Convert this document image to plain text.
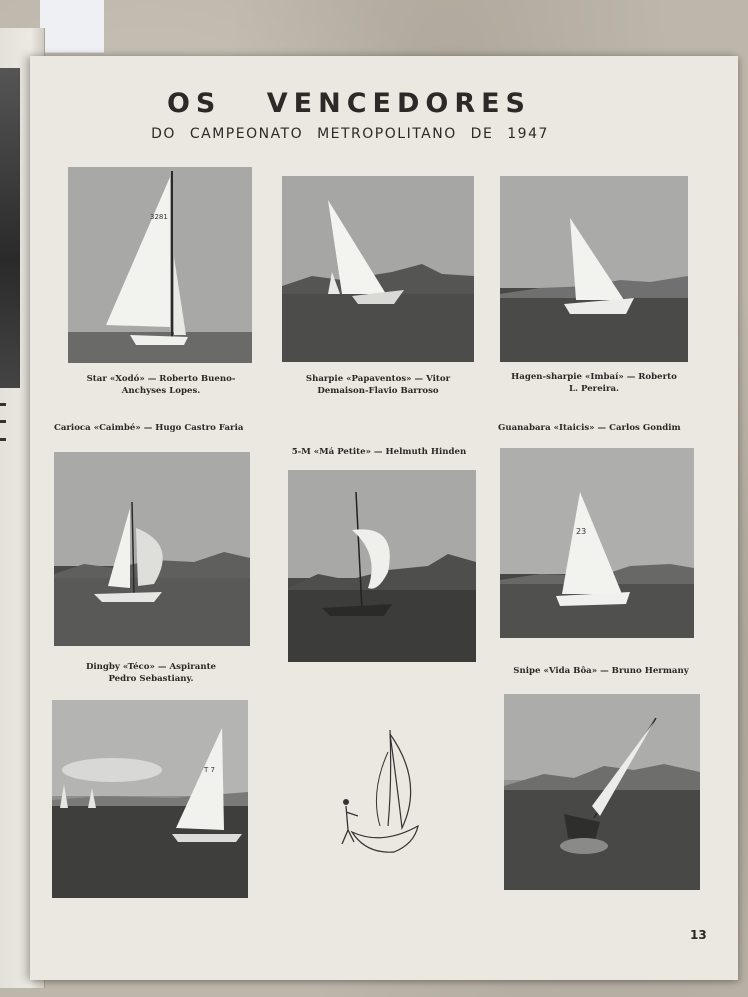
OS VENCEDORES
DO CAMPEONATO METROPOLITANO DE 1947
3281
Star «Xodó» — Roberto Bueno-
Anchyses Lopes.
Sharpie «Papaventos» — Vitor
Demaison-Flavio Barroso
Hagen-sharpie «Imbaí» — Roberto
L. Pereira.
Carioca «Caimbé» — Hugo Castro Faria
5-M «Má Petite» — Helmuth Hinden
Guanabara «Itaicis» — Carlos Gondim
23
Dingby «Téco» — Aspirante
Pedro Sebastiany.
Snipe «Vida Bôa» — Bruno Hermany
T 7
13
